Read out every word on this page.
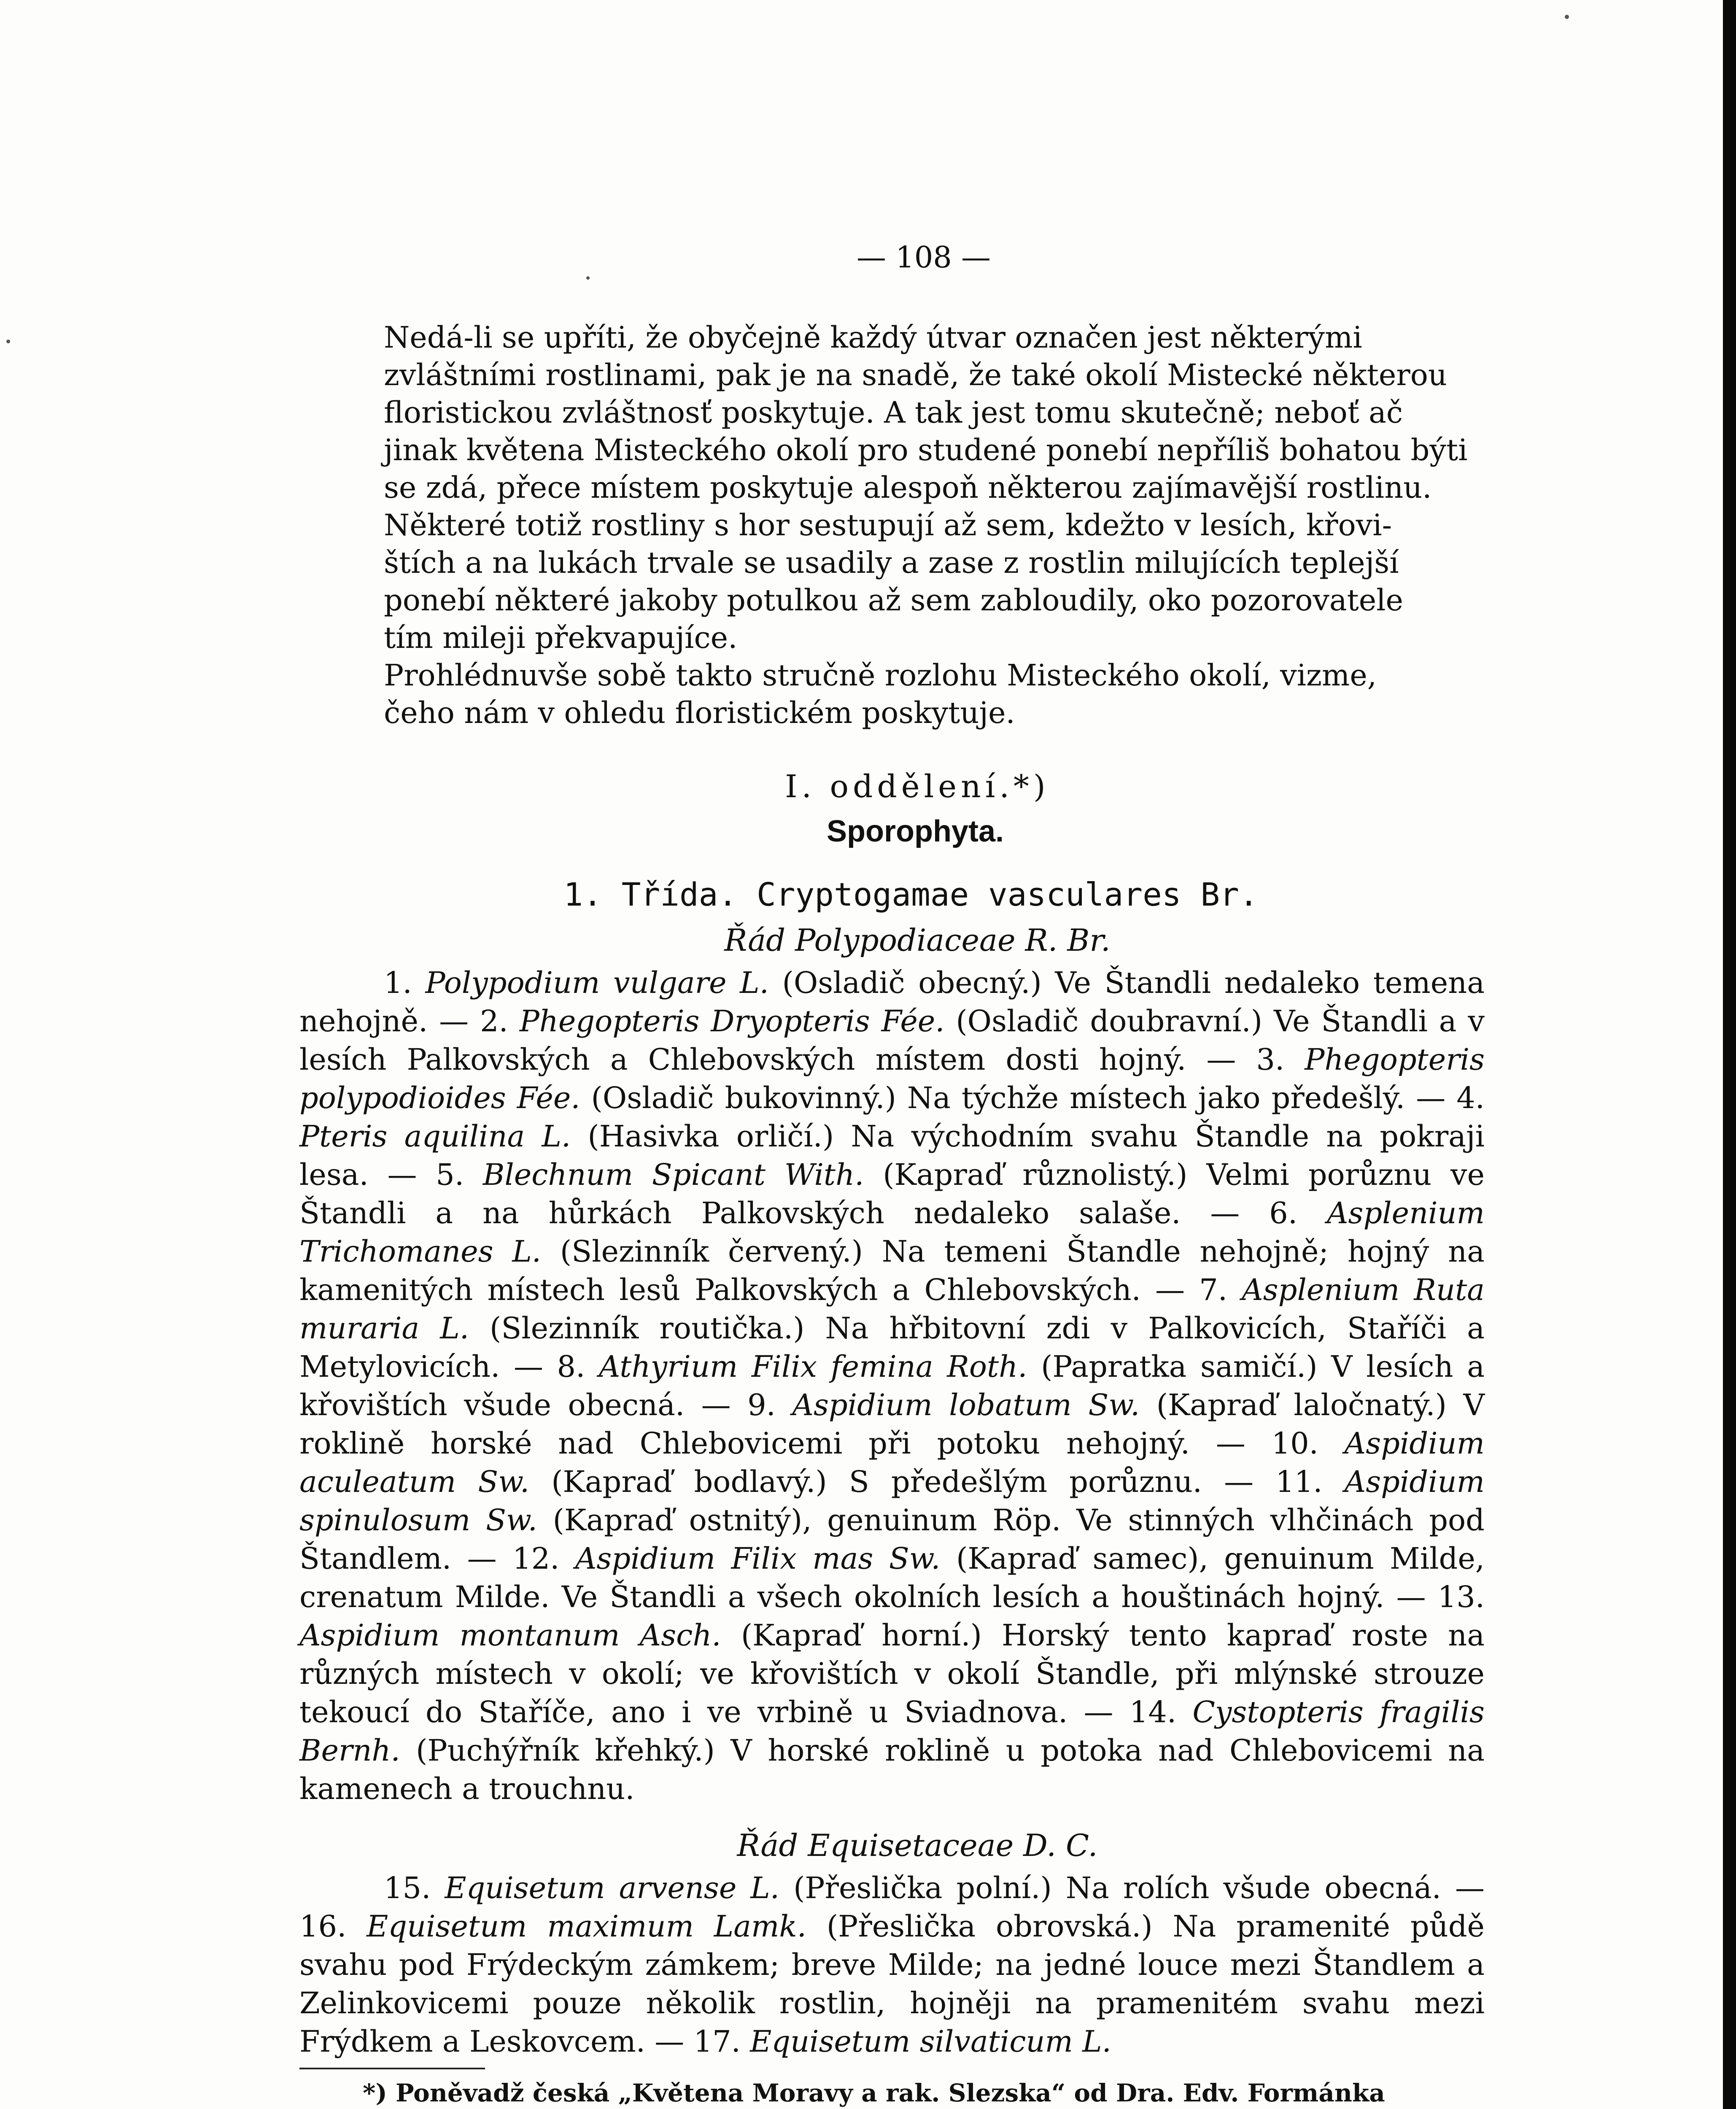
— 108 —

Nedá-li se upříti, že obyčejně každý útvar označen jest některými
zvláštními rostlinami, pak je na snadě, že také okolí Mistecké některou
floristickou zvláštnosť poskytuje. A tak jest tomu skutečně; neboť ač
jinak květena Misteckého okolí pro studené ponebí nepříliš bohatou býti
se zdá, přece místem poskytuje alespoň některou zajímavější rostlinu.
Některé totiž rostliny s hor sestupují až sem, kdežto v lesích, křovi-
štích a na lukách trvale se usadily a zase z rostlin milujících teplejší
ponebí některé jakoby potulkou až sem zabloudily, oko pozorovatele
tím mileji překvapujíce.

Prohlédnuvše sobě takto stručně rozlohu Misteckého okolí, vizme,
čeho nám v ohledu floristickém poskytuje.

I. oddělení.*)
Sporophyta.
1. Třída. Cryptogamae vasculares Br.
Řád Polypodiaceae R. Br.
1. Polypodium vulgare L. (Osladič obecný.) Ve Štandli nedaleko temena nehojně. — 2. Phegopteris Dryopteris Fée. (Osladič doubravní.) Ve Štandli a v lesích Palkovských a Chlebovských místem dosti hojný. — 3. Phegopteris polypodioides Fée. (Osladič bukovinný.) Na týchže místech jako předešlý. — 4. Pteris aquilina L. (Hasivka orličí.) Na východním svahu Štandle na pokraji lesa. — 5. Blechnum Spicant With. (Kapraď různolistý.) Velmi porůznu ve Štandli a na hůrkách Palkovských nedaleko salaše. — 6. Asplenium Trichomanes L. (Slezinník červený.) Na temeni Štandle nehojně; hojný na kamenitých místech lesů Palkovských a Chlebovských. — 7. Asplenium Ruta muraria L. (Slezinník routička.) Na hřbitovní zdi v Palkovicích, Staříči a Metylovicích. — 8. Athyrium Filix femina Roth. (Papratka samičí.) V lesích a křovištích všude obecná. — 9. Aspidium lobatum Sw. (Kapraď laločnatý.) V roklině horské nad Chlebovicemi při potoku nehojný. — 10. Aspidium aculeatum Sw. (Kapraď bodlavý.) S předešlým porůznu. — 11. Aspidium spinulosum Sw. (Kapraď ostnitý), genuinum Röp. Ve stinných vlhčinách pod Štandlem. — 12. Aspidium Filix mas Sw. (Kapraď samec), genuinum Milde, crenatum Milde. Ve Štandli a všech okolních lesích a houštinách hojný. — 13. Aspidium montanum Asch. (Kapraď horní.) Horský tento kapraď roste na různých místech v okolí; ve křovištích v okolí Štandle, při mlýnské strouze tekoucí do Staříče, ano i ve vrbině u Sviadnova. — 14. Cystopteris fragilis Bernh. (Puchýřník křehký.) V horské roklině u potoka nad Chlebovicemi na kamenech a trouchnu.
Řád Equisetaceae D. C.
15. Equisetum arvense L. (Přeslička polní.) Na rolích všude obecná. — 16. Equisetum maximum Lamk. (Přeslička obrovská.) Na pramenité půdě svahu pod Frýdeckým zámkem; breve Milde; na jedné louce mezi Štandlem a Zelinkovicemi pouze několik rostlin, hojněji na pramenitém svahu mezi Frýdkem a Leskovcem. — 17. Equisetum silvaticum L.
*) Poněvadž česká „Květena Moravy a rak. Slezska“ od Dra. Edv. Formánka
